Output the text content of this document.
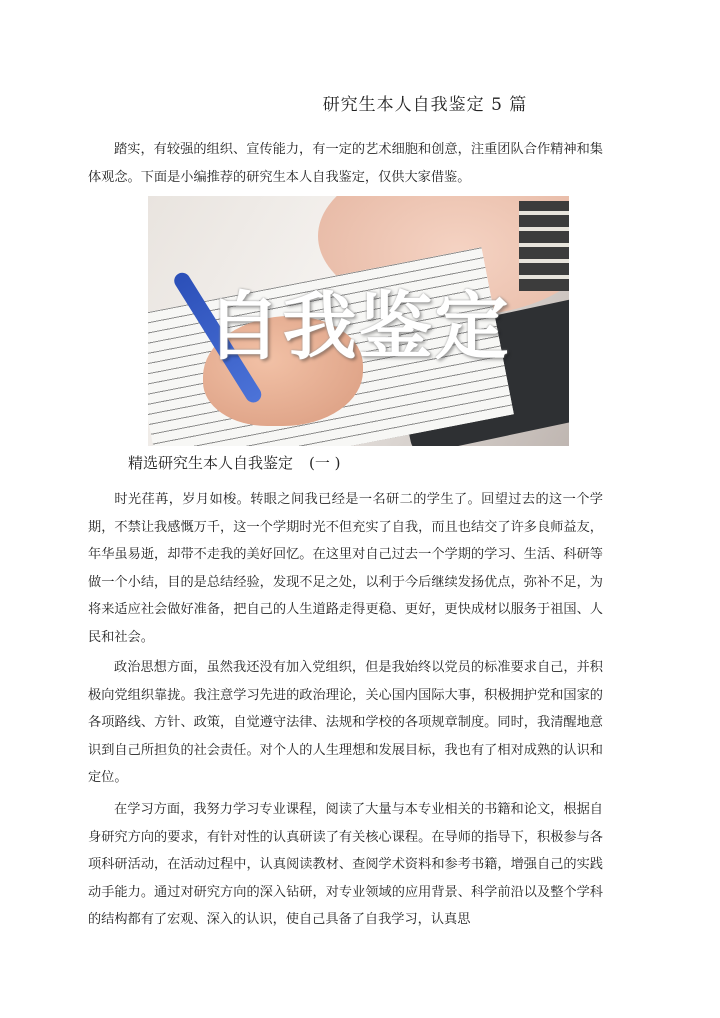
研究生本人自我鉴定 5 篇

踏实，有较强的组织、宣传能力，有一定的艺术细胞和创意，注重团队合作精神和集体观念。下面是小编推荐的研究生本人自我鉴定，仅供大家借鉴。

自我鉴定
精选研究生本人自我鉴定 (一 )

时光荏苒，岁月如梭。转眼之间我已经是一名研二的学生了。回望过去的这一个学期，不禁让我感慨万千，这一个学期时光不但充实了自我，而且也结交了许多良师益友，年华虽易逝，却带不走我的美好回忆。在这里对自己过去一个学期的学习、生活、科研等做一个小结，目的是总结经验，发现不足之处，以利于今后继续发扬优点，弥补不足，为将来适应社会做好准备，把自己的人生道路走得更稳、更好，更快成材以服务于祖国、人民和社会。

政治思想方面，虽然我还没有加入党组织，但是我始终以党员的标准要求自己，并积极向党组织靠拢。我注意学习先进的政治理论，关心国内国际大事，积极拥护党和国家的各项路线、方针、政策，自觉遵守法律、法规和学校的各项规章制度。同时，我清醒地意识到自己所担负的社会责任。对个人的人生理想和发展目标，我也有了相对成熟的认识和定位。

在学习方面，我努力学习专业课程，阅读了大量与本专业相关的书籍和论文，根据自身研究方向的要求，有针对性的认真研读了有关核心课程。在导师的指导下，积极参与各项科研活动，在活动过程中，认真阅读教材、查阅学术资料和参考书籍，增强自己的实践动手能力。通过对研究方向的深入钻研，对专业领域的应用背景、科学前沿以及整个学科的结构都有了宏观、深入的认识，使自己具备了自我学习，认真思
